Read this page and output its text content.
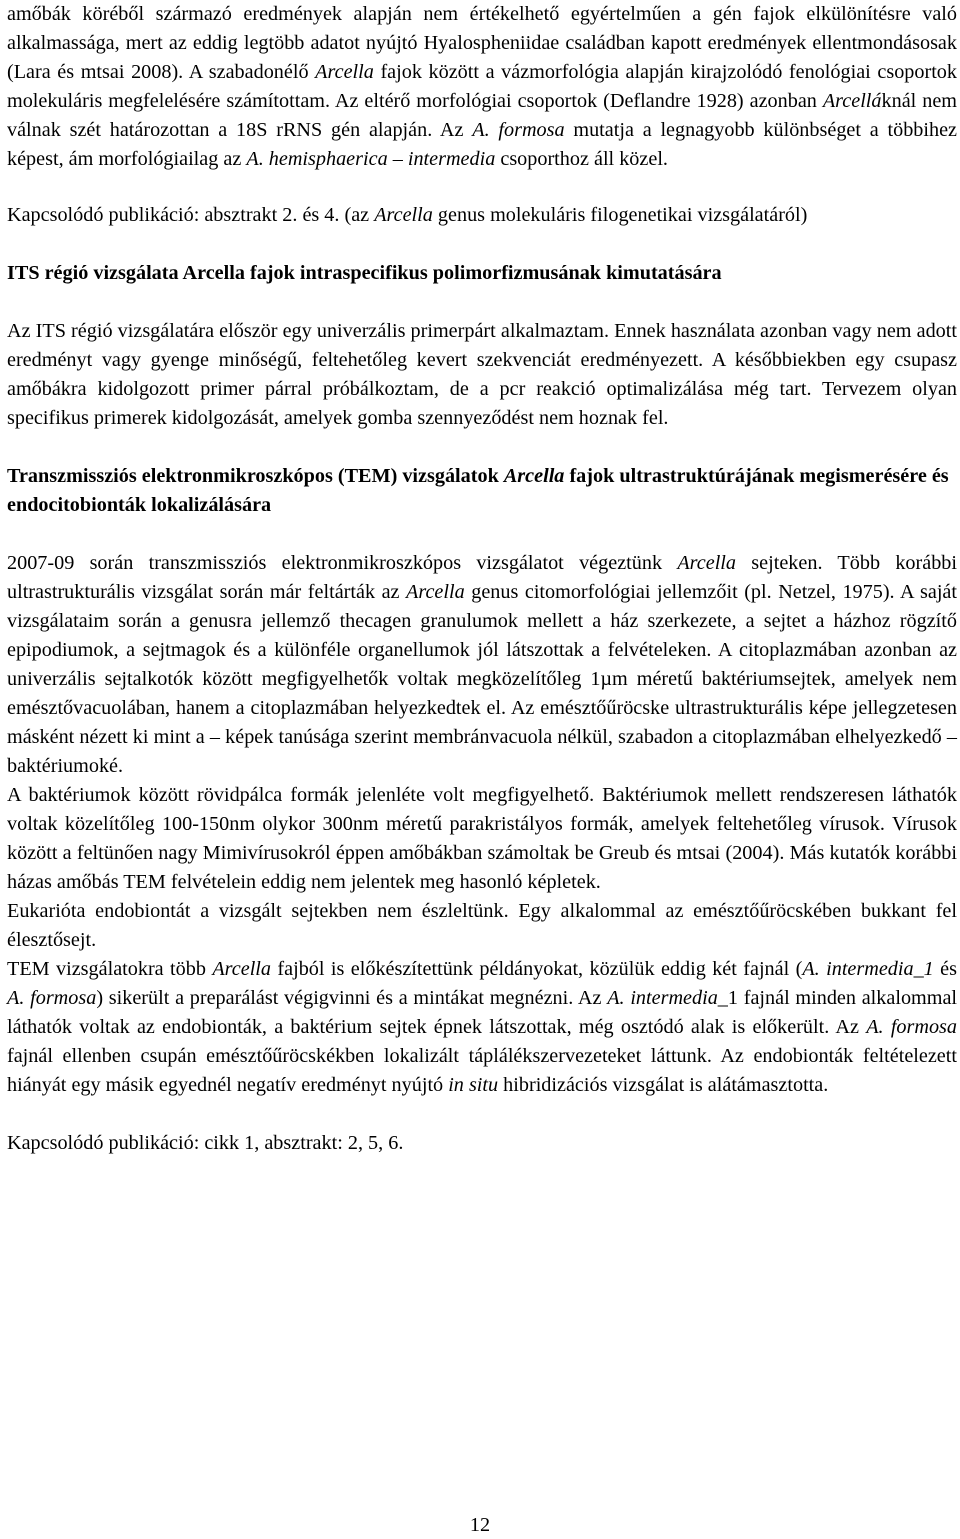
amőbák köréből származó eredmények alapján nem értékelhető egyértelműen a gén fajok elkülönítésre való alkalmassága, mert az eddig legtöbb adatot nyújtó Hyalospheniidae családban kapott eredmények ellentmondásosak (Lara és mtsai 2008). A szabadonélő Arcella fajok között a vázmorfológia alapján kirajzolódó fenológiai csoportok molekuláris megfelelésére számítottam. Az eltérő morfológiai csoportok (Deflandre 1928) azonban Arcelláknál nem válnak szét határozottan a 18S rRNS gén alapján. Az A. formosa mutatja a legnagyobb különbséget a többihez képest, ám morfológiailag az A. hemisphaerica – intermedia csoporthoz áll közel.

Kapcsolódó publikáció: absztrakt 2. és 4. (az Arcella genus molekuláris filogenetikai vizsgálatáról)

ITS régió vizsgálata Arcella fajok intraspecifikus polimorfizmusának kimutatására

Az ITS régió vizsgálatára először egy univerzális primerpárt alkalmaztam. Ennek használata azonban vagy nem adott eredményt vagy gyenge minőségű, feltehetőleg kevert szekvenciát eredményezett. A későbbiekben egy csupasz amőbákra kidolgozott primer párral próbálkoztam, de a pcr reakció optimalizálása még tart. Tervezem olyan specifikus primerek kidolgozását, amelyek gomba szennyeződést nem hoznak fel.

Transzmissziós elektronmikroszkópos (TEM) vizsgálatok Arcella fajok ultrastruktúrájának megismerésére és endocitobionták lokalizálására

2007-09 során transzmissziós elektronmikroszkópos vizsgálatot végeztünk Arcella sejteken. Több korábbi ultrastrukturális vizsgálat során már feltárták az Arcella genus citomorfológiai jellemzőit (pl. Netzel, 1975). A saját vizsgálataim során a genusra jellemző thecagen granulumok mellett a ház szerkezete, a sejtet a házhoz rögzítő epipodiumok, a sejtmagok és a különféle organellumok jól látszottak a felvételeken. A citoplazmában azonban az univerzális sejtalkotók között megfigyelhetők voltak megközelítőleg 1µm méretű baktériumsejtek, amelyek nem emésztővacuolában, hanem a citoplazmában helyezkedtek el. Az emésztőűröcske ultrastrukturális képe jellegzetesen másként nézett ki mint a – képek tanúsága szerint membránvacuola nélkül, szabadon a citoplazmában elhelyezkedő – baktériumoké.

A baktériumok között rövidpálca formák jelenléte volt megfigyelhető. Baktériumok mellett rendszeresen láthatók voltak közelítőleg 100-150nm olykor 300nm méretű parakristályos formák, amelyek feltehetőleg vírusok. Vírusok között a feltünően nagy Mimivírusokról éppen amőbákban számoltak be Greub és mtsai (2004). Más kutatók korábbi házas amőbás TEM felvételein eddig nem jelentek meg hasonló képletek.

Eukarióta endobiontát a vizsgált sejtekben nem észleltünk. Egy alkalommal az emésztőűröcskében bukkant fel élesztősejt.

TEM vizsgálatokra több Arcella fajból is előkészítettünk példányokat, közülük eddig két fajnál (A. intermedia_1 és A. formosa) sikerült a preparálást végigvinni és a mintákat megnézni. Az A. intermedia_1 fajnál minden alkalommal láthatók voltak az endobionták, a baktérium sejtek épnek látszottak, még osztódó alak is előkerült. Az A. formosa fajnál ellenben csupán emésztőűröcskékben lokalizált táplálékszervezeteket láttunk. Az endobionták feltételezett hiányát egy másik egyednél negatív eredményt nyújtó in situ hibridizációs vizsgálat is alátámasztotta.

Kapcsolódó publikáció: cikk 1, absztrakt: 2, 5, 6.

12
